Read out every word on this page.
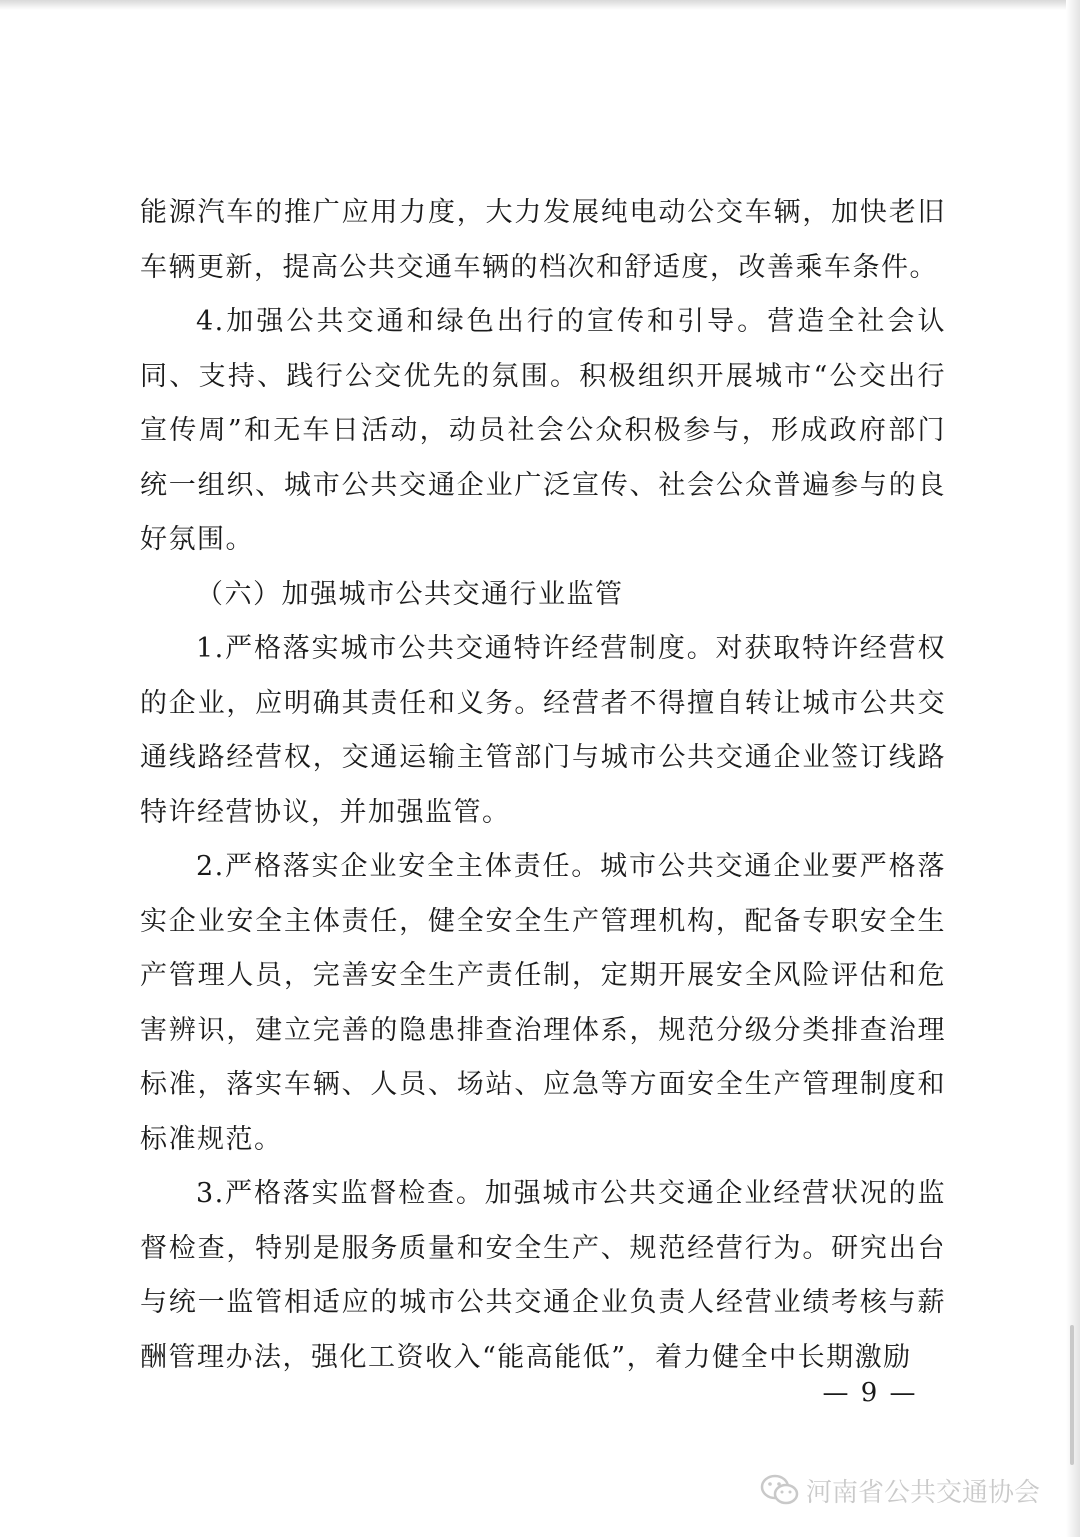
能源汽车的推广应用力度，大力发展纯电动公交车辆，加快老旧车辆更新，提高公共交通车辆的档次和舒适度，改善乘车条件。

4.加强公共交通和绿色出行的宣传和引导。营造全社会认同、支持、践行公交优先的氛围。积极组织开展城市“公交出行宣传周”和无车日活动，动员社会公众积极参与，形成政府部门统一组织、城市公共交通企业广泛宣传、社会公众普遍参与的良好氛围。

（六）加强城市公共交通行业监管

1.严格落实城市公共交通特许经营制度。对获取特许经营权的企业，应明确其责任和义务。经营者不得擅自转让城市公共交通线路经营权，交通运输主管部门与城市公共交通企业签订线路特许经营协议，并加强监管。

2.严格落实企业安全主体责任。城市公共交通企业要严格落实企业安全主体责任，健全安全生产管理机构，配备专职安全生产管理人员，完善安全生产责任制，定期开展安全风险评估和危害辨识，建立完善的隐患排查治理体系，规范分级分类排查治理标准，落实车辆、人员、场站、应急等方面安全生产管理制度和标准规范。

3.严格落实监督检查。加强城市公共交通企业经营状况的监督检查，特别是服务质量和安全生产、规范经营行为。研究出台与统一监管相适应的城市公共交通企业负责人经营业绩考核与薪酬管理办法，强化工资收入“能高能低”，着力健全中长期激励

— 9 —
河南省公共交通协会
